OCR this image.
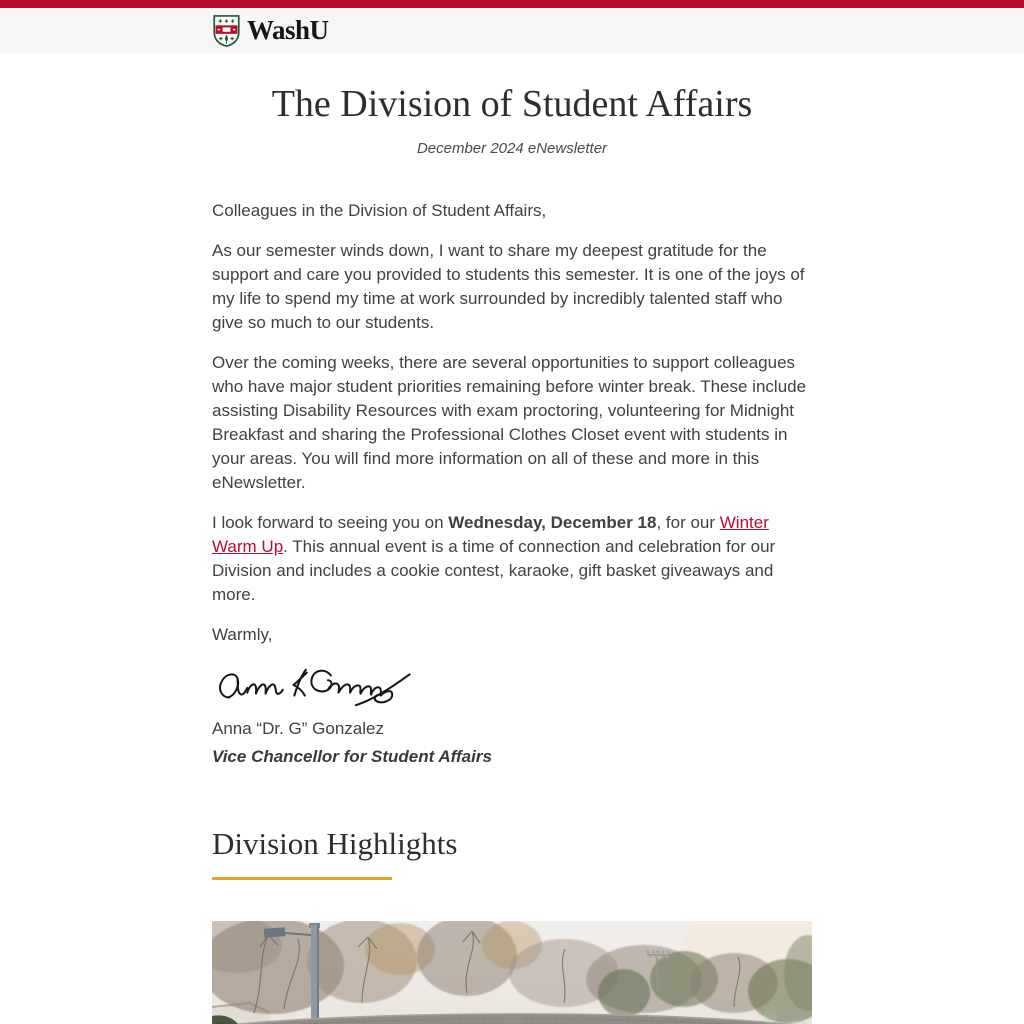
WashU
The Division of Student Affairs

December 2024 eNewsletter

Colleagues in the Division of Student Affairs,

As our semester winds down, I want to share my deepest gratitude for the support and care you provided to students this semester. It is one of the joys of my life to spend my time at work surrounded by incredibly talented staff who give so much to our students.

Over the coming weeks, there are several opportunities to support colleagues who have major student priorities remaining before winter break. These include assisting Disability Resources with exam proctoring, volunteering for Midnight Breakfast and sharing the Professional Clothes Closet event with students in your areas. You will find more information on all of these and more in this eNewsletter.

I look forward to seeing you on Wednesday, December 18, for our Winter Warm Up. This annual event is a time of connection and celebration for our Division and includes a cookie contest, karaoke, gift basket giveaways and more.

Warmly,

Anna “Dr. G” Gonzalez

Vice Chancellor for Student Affairs

Division Highlights
